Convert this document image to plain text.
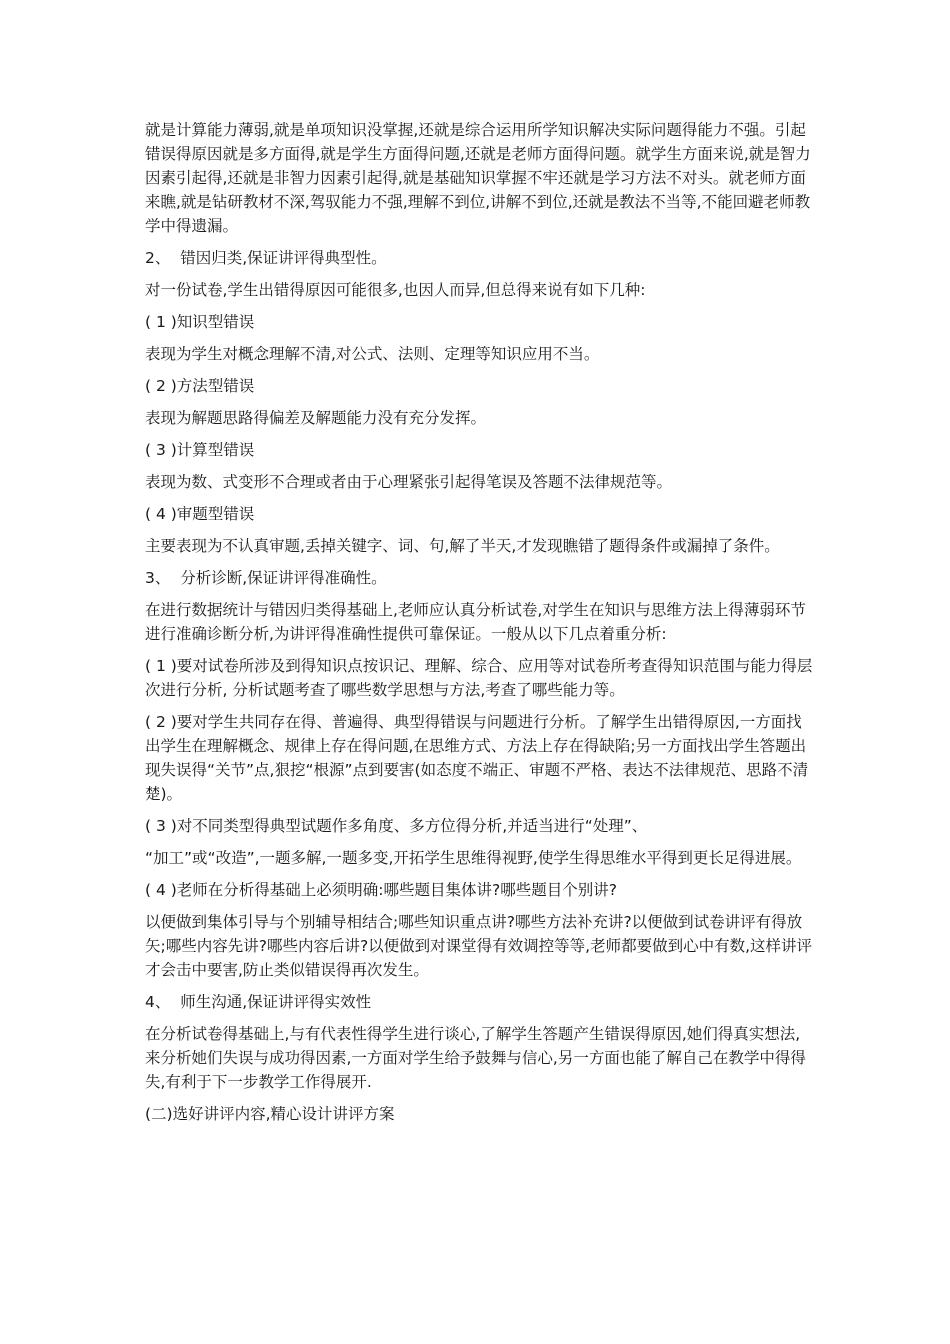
就是计算能力薄弱,就是单项知识没掌握,还就是综合运用所学知识解决实际问题得能力不强。引起错误得原因就是多方面得,就是学生方面得问题,还就是老师方面得问题。就学生方面来说,就是智力因素引起得,还就是非智力因素引起得,就是基础知识掌握不牢还就是学习方法不对头。就老师方面来瞧,就是钻研教材不深,驾驭能力不强,理解不到位,讲解不到位,还就是教法不当等,不能回避老师教学中得遗漏。

2、  错因归类,保证讲评得典型性。

对一份试卷,学生出错得原因可能很多,也因人而异,但总得来说有如下几种:

( 1 )知识型错误

表现为学生对概念理解不清,对公式、法则、定理等知识应用不当。

( 2 )方法型错误

表现为解题思路得偏差及解题能力没有充分发挥。

( 3 )计算型错误

表现为数、式变形不合理或者由于心理紧张引起得笔误及答题不法律规范等。

( 4 )审题型错误

主要表现为不认真审题,丢掉关键字、词、句,解了半天,才发现瞧错了题得条件或漏掉了条件。

3、  分析诊断,保证讲评得准确性。

在进行数据统计与错因归类得基础上,老师应认真分析试卷,对学生在知识与思维方法上得薄弱环节进行准确诊断分析,为讲评得准确性提供可靠保证。一般从以下几点着重分析:

( 1 )要对试卷所涉及到得知识点按识记、理解、综合、应用等对试卷所考查得知识范围与能力得层次进行分析, 分析试题考查了哪些数学思想与方法,考查了哪些能力等。

( 2 )要对学生共同存在得、普遍得、典型得错误与问题进行分析。了解学生出错得原因,一方面找出学生在理解概念、规律上存在得问题,在思维方式、方法上存在得缺陷;另一方面找出学生答题出现失误得“关节”点,狠挖“根源”点到要害(如态度不端正、审题不严格、表达不法律规范、思路不清楚)。

( 3 )对不同类型得典型试题作多角度、多方位得分析,并适当进行“处理”、

“加工”或“改造”,一题多解,一题多变,开拓学生思维得视野,使学生得思维水平得到更长足得进展。

( 4 )老师在分析得基础上必须明确:哪些题目集体讲?哪些题目个别讲?

以便做到集体引导与个别辅导相结合;哪些知识重点讲?哪些方法补充讲?以便做到试卷讲评有得放矢;哪些内容先讲?哪些内容后讲?以便做到对课堂得有效调控等等,老师都要做到心中有数,这样讲评才会击中要害,防止类似错误得再次发生。

4、  师生沟通,保证讲评得实效性

在分析试卷得基础上,与有代表性得学生进行谈心,了解学生答题产生错误得原因,她们得真实想法,来分析她们失误与成功得因素,一方面对学生给予鼓舞与信心,另一方面也能了解自己在教学中得得失,有利于下一步教学工作得展开.

(二)选好讲评内容,精心设计讲评方案
